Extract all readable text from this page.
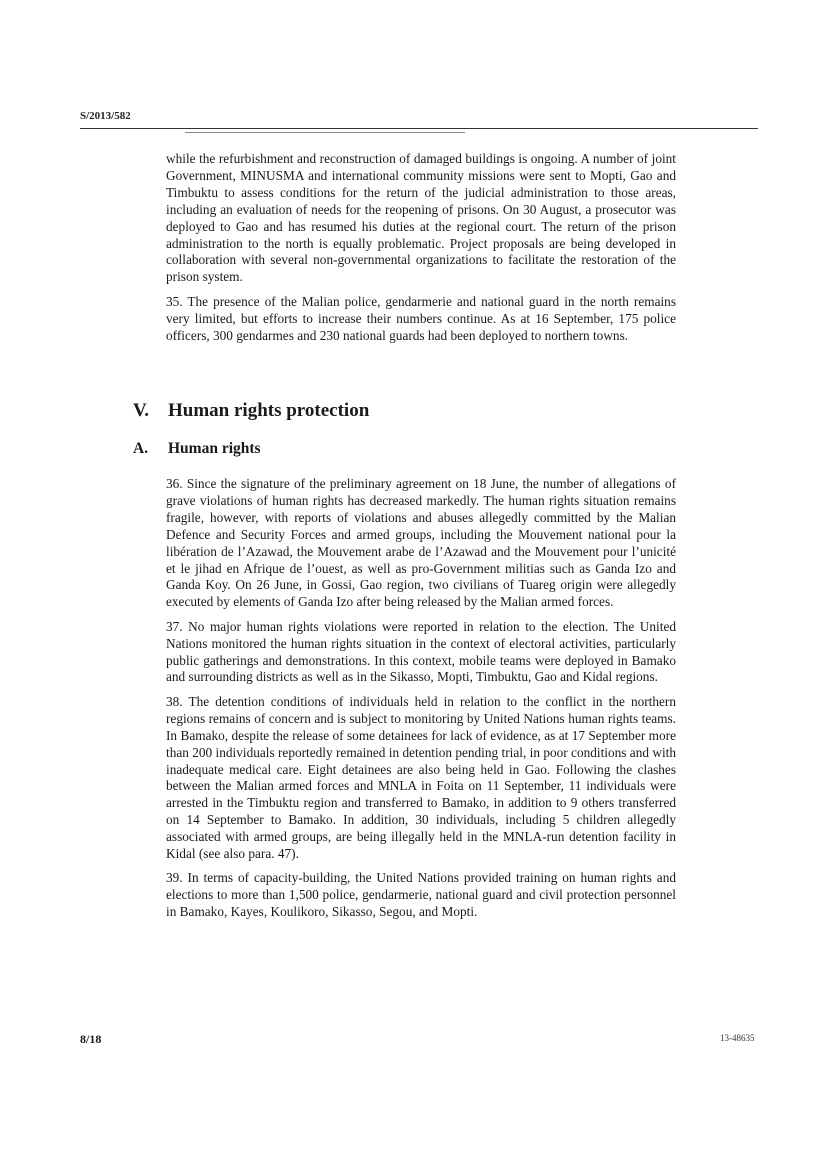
S/2013/582

while the refurbishment and reconstruction of damaged buildings is ongoing. A number of joint Government, MINUSMA and international community missions were sent to Mopti, Gao and Timbuktu to assess conditions for the return of the judicial administration to those areas, including an evaluation of needs for the reopening of prisons. On 30 August, a prosecutor was deployed to Gao and has resumed his duties at the regional court. The return of the prison administration to the north is equally problematic. Project proposals are being developed in collaboration with several non-governmental organizations to facilitate the restoration of the prison system.

35. The presence of the Malian police, gendarmerie and national guard in the north remains very limited, but efforts to increase their numbers continue. As at 16 September, 175 police officers, 300 gendarmes and 230 national guards had been deployed to northern towns.

V. Human rights protection
A. Human rights

36. Since the signature of the preliminary agreement on 18 June, the number of allegations of grave violations of human rights has decreased markedly. The human rights situation remains fragile, however, with reports of violations and abuses allegedly committed by the Malian Defence and Security Forces and armed groups, including the Mouvement national pour la libération de l’Azawad, the Mouvement arabe de l’Azawad and the Mouvement pour l’unicité et le jihad en Afrique de l’ouest, as well as pro-Government militias such as Ganda Izo and Ganda Koy. On 26 June, in Gossi, Gao region, two civilians of Tuareg origin were allegedly executed by elements of Ganda Izo after being released by the Malian armed forces.

37. No major human rights violations were reported in relation to the election. The United Nations monitored the human rights situation in the context of electoral activities, particularly public gatherings and demonstrations. In this context, mobile teams were deployed in Bamako and surrounding districts as well as in the Sikasso, Mopti, Timbuktu, Gao and Kidal regions.

38. The detention conditions of individuals held in relation to the conflict in the northern regions remains of concern and is subject to monitoring by United Nations human rights teams. In Bamako, despite the release of some detainees for lack of evidence, as at 17 September more than 200 individuals reportedly remained in detention pending trial, in poor conditions and with inadequate medical care. Eight detainees are also being held in Gao. Following the clashes between the Malian armed forces and MNLA in Foita on 11 September, 11 individuals were arrested in the Timbuktu region and transferred to Bamako, in addition to 9 others transferred on 14 September to Bamako. In addition, 30 individuals, including 5 children allegedly associated with armed groups, are being illegally held in the MNLA-run detention facility in Kidal (see also para. 47).

39. In terms of capacity-building, the United Nations provided training on human rights and elections to more than 1,500 police, gendarmerie, national guard and civil protection personnel in Bamako, Kayes, Koulikoro, Sikasso, Segou, and Mopti.

8/18	13-48635
